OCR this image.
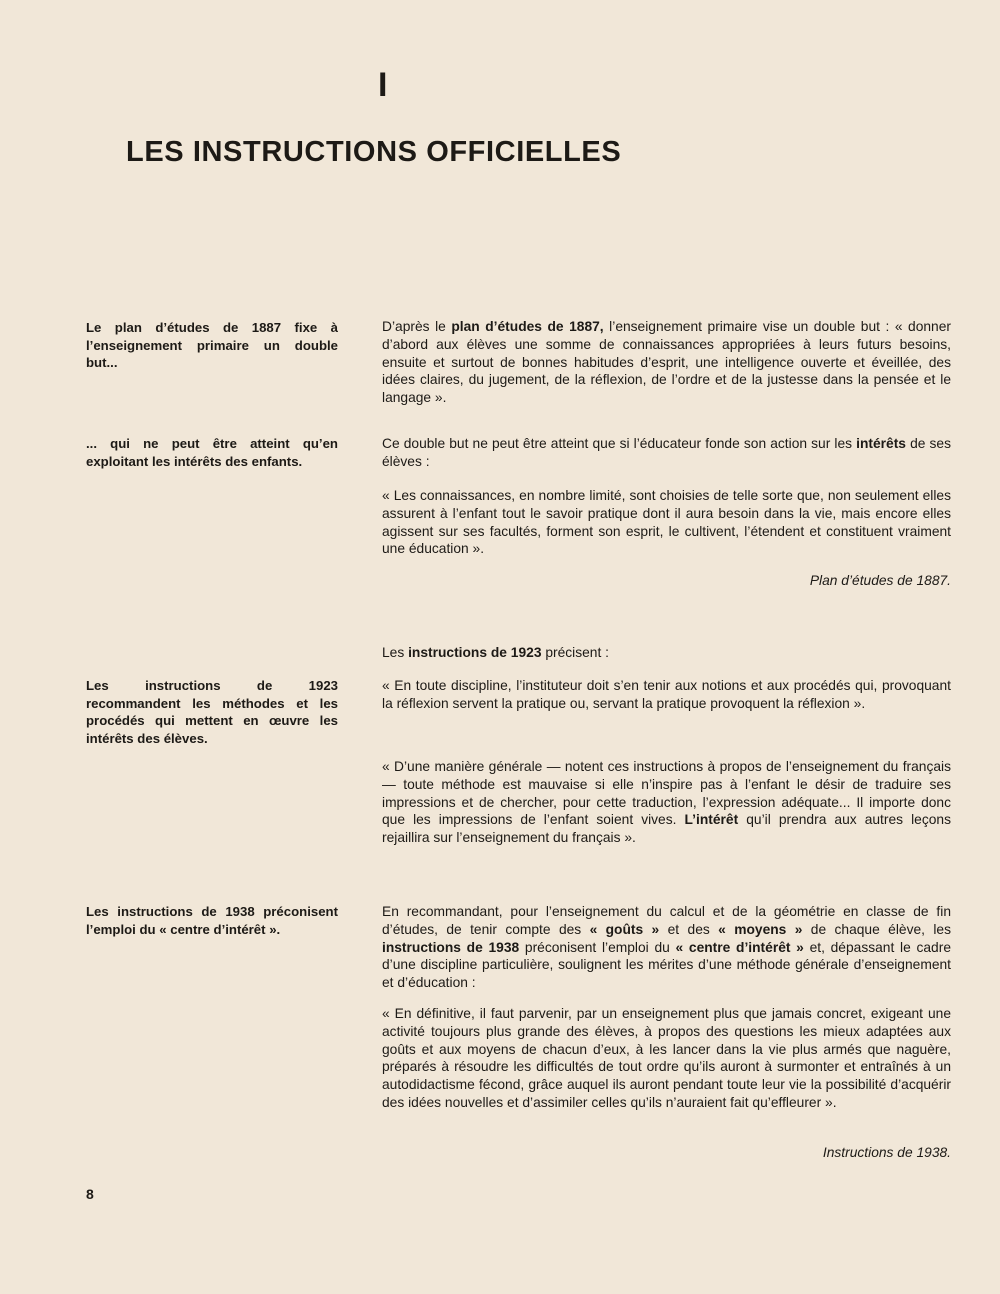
I
LES INSTRUCTIONS OFFICIELLES
Le plan d’études de 1887 fixe à l’enseignement primaire un double but...
... qui ne peut être atteint qu’en exploitant les intérêts des enfants.
Les instructions de 1923 recommandent les méthodes et les procédés qui mettent en œuvre les intérêts des élèves.
Les instructions de 1938 préconisent l’emploi du « centre d’intérêt ».

D’après le plan d’études de 1887, l’enseignement primaire vise un double but : « donner d’abord aux élèves une somme de connaissances appropriées à leurs futurs besoins, ensuite et surtout de bonnes habitudes d’esprit, une intelligence ouverte et éveillée, des idées claires, du jugement, de la réflexion, de l’ordre et de la justesse dans la pensée et le langage ».

Ce double but ne peut être atteint que si l’éducateur fonde son action sur les intérêts de ses élèves :

« Les connaissances, en nombre limité, sont choisies de telle sorte que, non seulement elles assurent à l’enfant tout le savoir pratique dont il aura besoin dans la vie, mais encore elles agissent sur ses facultés, forment son esprit, le cultivent, l’étendent et constituent vraiment une éducation ».

Plan d’études de 1887.

Les instructions de 1923 précisent :

« En toute discipline, l’instituteur doit s’en tenir aux notions et aux procédés qui, provoquant la réflexion servent la pratique ou, servant la pratique provoquent la réflexion ».

« D’une manière générale — notent ces instructions à propos de l’enseignement du français — toute méthode est mauvaise si elle n’inspire pas à l’enfant le désir de traduire ses impressions et de chercher, pour cette traduction, l’expression adéquate... Il importe donc que les impressions de l’enfant soient vives. L’intérêt qu’il prendra aux autres leçons rejaillira sur l’enseignement du français ».

En recommandant, pour l’enseignement du calcul et de la géométrie en classe de fin d’études, de tenir compte des « goûts » et des « moyens » de chaque élève, les instructions de 1938 préconisent l’emploi du « centre d’intérêt » et, dépassant le cadre d’une discipline particulière, soulignent les mérites d’une méthode générale d’enseignement et d’éducation :

« En définitive, il faut parvenir, par un enseignement plus que jamais concret, exigeant une activité toujours plus grande des élèves, à propos des questions les mieux adaptées aux goûts et aux moyens de chacun d’eux, à les lancer dans la vie plus armés que naguère, préparés à résoudre les difficultés de tout ordre qu’ils auront à surmonter et entraînés à un autodidactisme fécond, grâce auquel ils auront pendant toute leur vie la possibilité d’acquérir des idées nouvelles et d’assimiler celles qu’ils n’auraient fait qu’effleurer ».

Instructions de 1938.
8
